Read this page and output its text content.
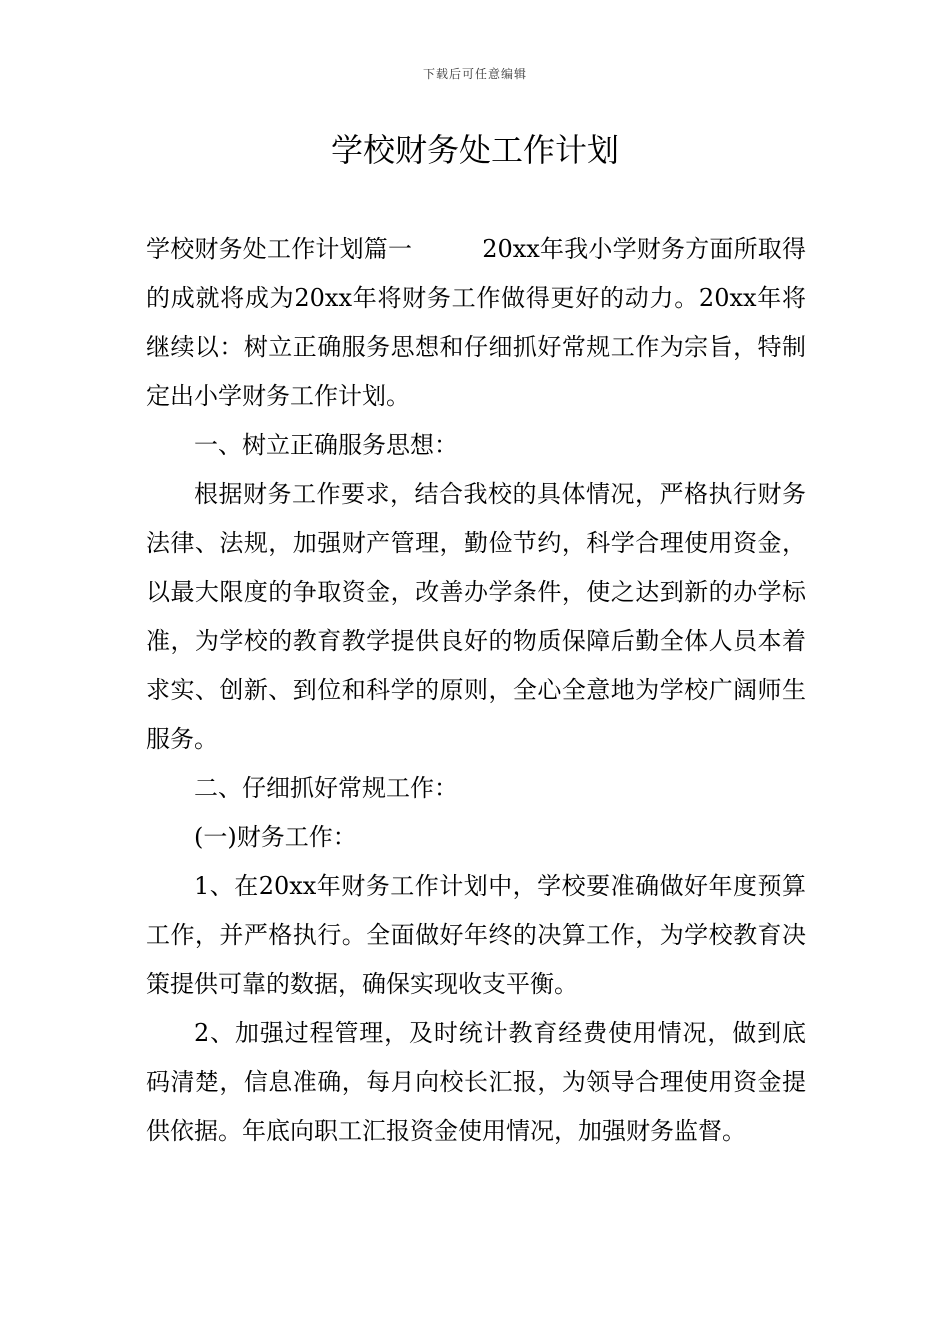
下载后可任意编辑
学校财务处工作计划

学校财务处工作计划篇一	20xx年我小学财务方面所取得的成就将成为20xx年将财务工作做得更好的动力。20xx年将继续以：树立正确服务思想和仔细抓好常规工作为宗旨，特制定出小学财务工作计划。

一、树立正确服务思想：

根据财务工作要求，结合我校的具体情况，严格执行财务法律、法规，加强财产管理，勤俭节约，科学合理使用资金，以最大限度的争取资金，改善办学条件，使之达到新的办学标准，为学校的教育教学提供良好的物质保障后勤全体人员本着求实、创新、到位和科学的原则，全心全意地为学校广阔师生服务。

二、仔细抓好常规工作：

(一)财务工作：

1、在20xx年财务工作计划中，学校要准确做好年度预算工作，并严格执行。全面做好年终的决算工作，为学校教育决策提供可靠的数据，确保实现收支平衡。

2、加强过程管理，及时统计教育经费使用情况，做到底码清楚，信息准确，每月向校长汇报，为领导合理使用资金提供依据。年底向职工汇报资金使用情况，加强财务监督。
